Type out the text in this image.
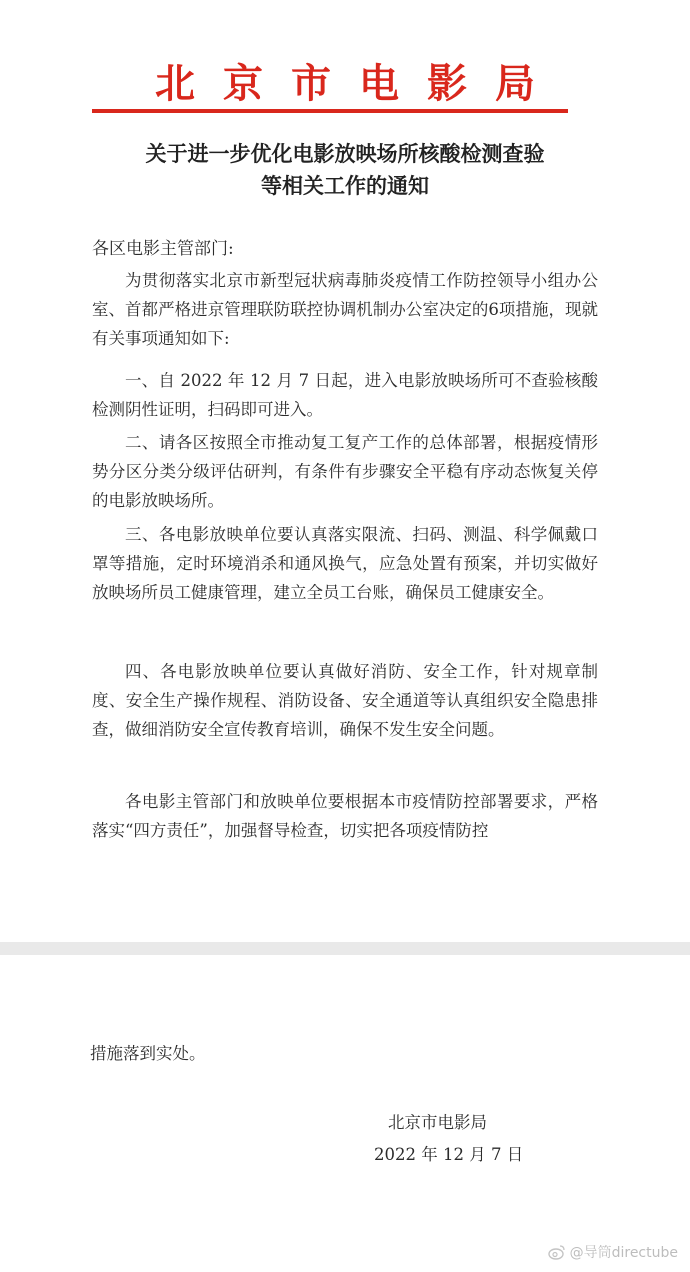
北京市电影局
关于进一步优化电影放映场所核酸检测查验
等相关工作的通知
各区电影主管部门:
为贯彻落实北京市新型冠状病毒肺炎疫情工作防控领导小组办公室、首都严格进京管理联防联控协调机制办公室决定的6项措施，现就有关事项通知如下:
一、自 2022 年 12 月 7 日起，进入电影放映场所可不查验核酸检测阴性证明，扫码即可进入。
二、请各区按照全市推动复工复产工作的总体部署，根据疫情形势分区分类分级评估研判，有条件有步骤安全平稳有序动态恢复关停的电影放映场所。
三、各电影放映单位要认真落实限流、扫码、测温、科学佩戴口罩等措施，定时环境消杀和通风换气，应急处置有预案，并切实做好放映场所员工健康管理，建立全员工台账，确保员工健康安全。
四、各电影放映单位要认真做好消防、安全工作，针对规章制度、安全生产操作规程、消防设备、安全通道等认真组织安全隐患排查，做细消防安全宣传教育培训，确保不发生安全问题。
各电影主管部门和放映单位要根据本市疫情防控部署要求，严格落实“四方责任”，加强督导检查，切实把各项疫情防控
措施落到实处。
北京市电影局
2022 年 12 月 7 日
@导筒directube
